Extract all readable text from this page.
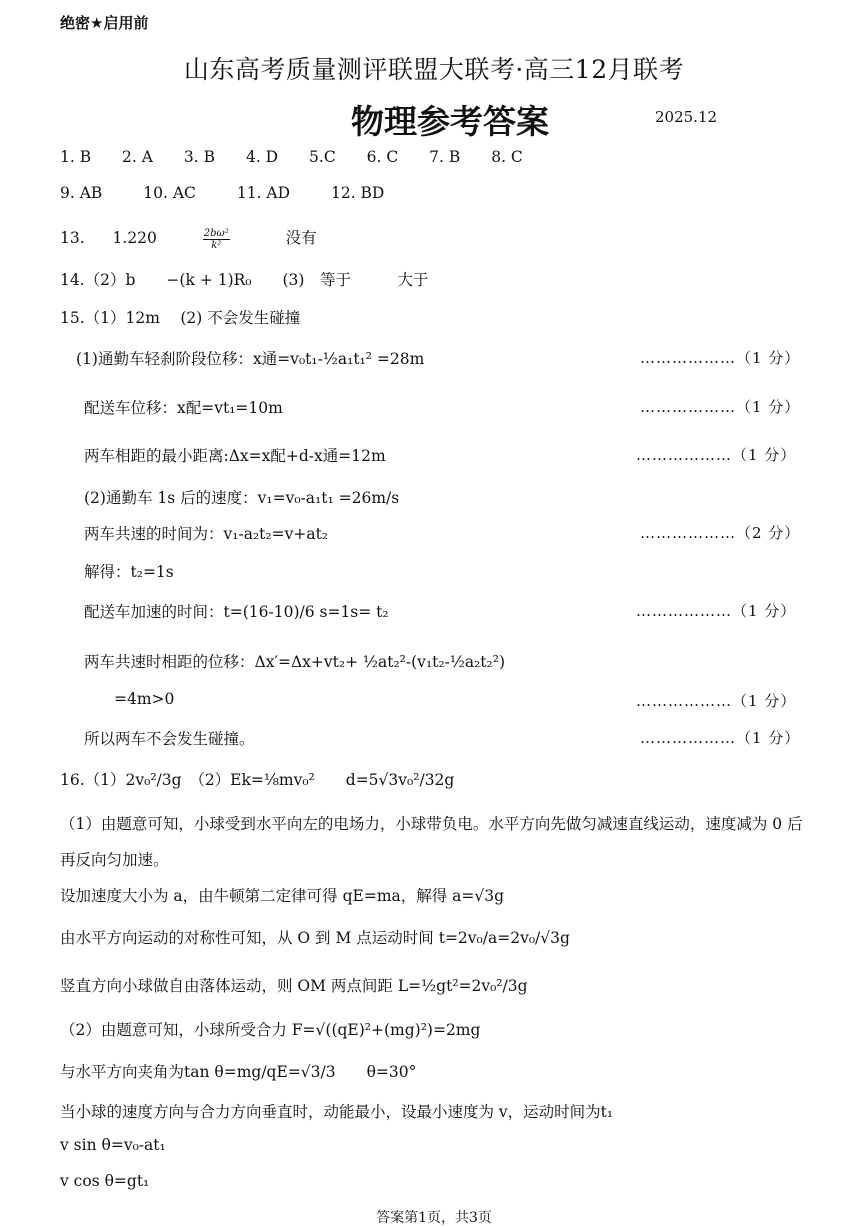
绝密★启用前
山东高考质量测评联盟大联考·高三12月联考
物理参考答案	2025.12
1. B 2. A 3. B 4. D 5.C 6. C 7. B 8. C
9. AB	10. AC	11. AD	12. BD
13. 1.220	$\frac{\text{2bω²}}{\text{k²}}$	没有
14.（2）b　　−(k + 1)R₀　　(3)　等于　　　大于
15.（1）12m　 (2) 不会发生碰撞
(1)通勤车轻刹阶段位移：x通=v₀t₁-½a₁t₁² =28m	………………（1 分）
配送车位移：x配=vt₁=10m	………………（1 分）
两车相距的最小距离:Δx=x配+d-x通=12m	………………（1 分）
(2)通勤车 1s 后的速度：v₁=v₀-a₁t₁ =26m/s
两车共速的时间为：v₁-a₂t₂=v+at₂	………………（2 分）
解得：t₂=1s
配送车加速的时间：t=(16-10)/6 s=1s= t₂	………………（1 分）
两车共速时相距的位移：Δx′=Δx+vt₂+ ½at₂²-(v₁t₂-½a₂t₂²)
=4m>0	………………（1 分）
所以两车不会发生碰撞。	………………（1 分）
16.（1）2v₀²/3g　（2）Ek=⅛mv₀²　　d=5√3v₀²/32g
（1）由题意可知，小球受到水平向左的电场力，小球带负电。水平方向先做匀减速直线运动，速度减为 0 后
再反向匀加速。
设加速度大小为 a，由牛顿第二定律可得 qE=ma，解得 a=√3g
由水平方向运动的对称性可知，从 O 到 M 点运动时间 t=2v₀/a=2v₀/√3g
竖直方向小球做自由落体运动，则 OM 两点间距 L=½gt²=2v₀²/3g
（2）由题意可知，小球所受合力 F=√((qE)²+(mg)²)=2mg
与水平方向夹角为tan θ=mg/qE=√3/3　　θ=30°
当小球的速度方向与合力方向垂直时，动能最小，设最小速度为 v，运动时间为t₁
v sin θ=v₀-at₁
v cos θ=gt₁
答案第1页，共3页
